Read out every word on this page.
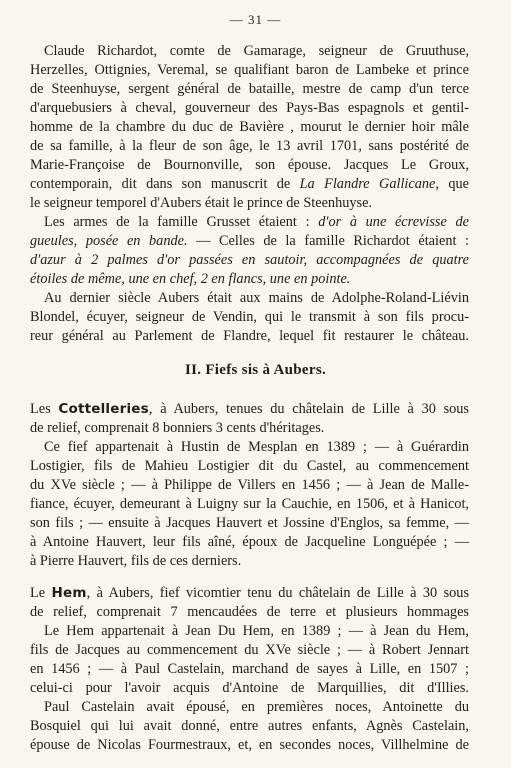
— 31 —
Claude Richardot, comte de Gamarage, seigneur de Gruuthuse,
Herzelles, Ottignies, Veremal, se qualifiant baron de Lambeke et prince
de Steenhuyse, sergent général de bataille, mestre de camp d'un terce
d'arquebusiers à cheval, gouverneur des Pays-Bas espagnols et gentil-
homme de la chambre du duc de Bavière , mourut le dernier hoir mâle
de sa famille, à la fleur de son âge, le 13 avril 1701, sans postérité de
Marie-Françoise de Bournonville, son épouse. Jacques Le Groux,
contemporain, dit dans son manuscrit de La Flandre Gallicane, que
le seigneur temporel d'Aubers était le prince de Steenhuyse.
Les armes de la famille Grusset étaient : d'or à une écrevisse de
gueules, posée en bande. — Celles de la famille Richardot étaient :
d'azur à 2 palmes d'or passées en sautoir, accompagnées de quatre
étoiles de même, une en chef, 2 en flancs, une en pointe.
Au dernier siècle Aubers était aux mains de Adolphe-Roland-Liévin
Blondel, écuyer, seigneur de Vendin, qui le transmit à son fils procu-
reur général au Parlement de Flandre, lequel fit restaurer le château.
II. Fiefs sis à Aubers.
Les Cottelleries, à Aubers, tenues du châtelain de Lille à 30 sous
de relief, comprenait 8 bonniers 3 cents d'héritages.
Ce fief appartenait à Hustin de Mesplan en 1389 ; — à Guérardin
Lostigier, fils de Mahieu Lostigier dit du Castel, au commencement
du XVe siècle ; — à Philippe de Villers en 1456 ; — à Jean de Malle-
fiance, écuyer, demeurant à Luigny sur la Cauchie, en 1506, et à Hanicot,
son fils ; — ensuite à Jacques Hauvert et Jossine d'Englos, sa femme, —
à Antoine Hauvert, leur fils aîné, époux de Jacqueline Longuépée ; —
à Pierre Hauvert, fils de ces derniers.
Le Hem, à Aubers, fief vicomtier tenu du châtelain de Lille à 30 sous
de relief, comprenait 7 mencaudées de terre et plusieurs hommages
Le Hem appartenait à Jean Du Hem, en 1389 ; — à Jean du Hem,
fils de Jacques au commencement du XVe siècle ; — à Robert Jennart
en 1456 ; — à Paul Castelain, marchand de sayes à Lille, en 1507 ;
celui-ci pour l'avoir acquis d'Antoine de Marquillies, dit d'Illies.
Paul Castelain avait épousé, en premières noces, Antoinette du
Bosquiel qui lui avait donné, entre autres enfants, Agnès Castelain,
épouse de Nicolas Fourmestraux, et, en secondes noces, Villhelmine de
